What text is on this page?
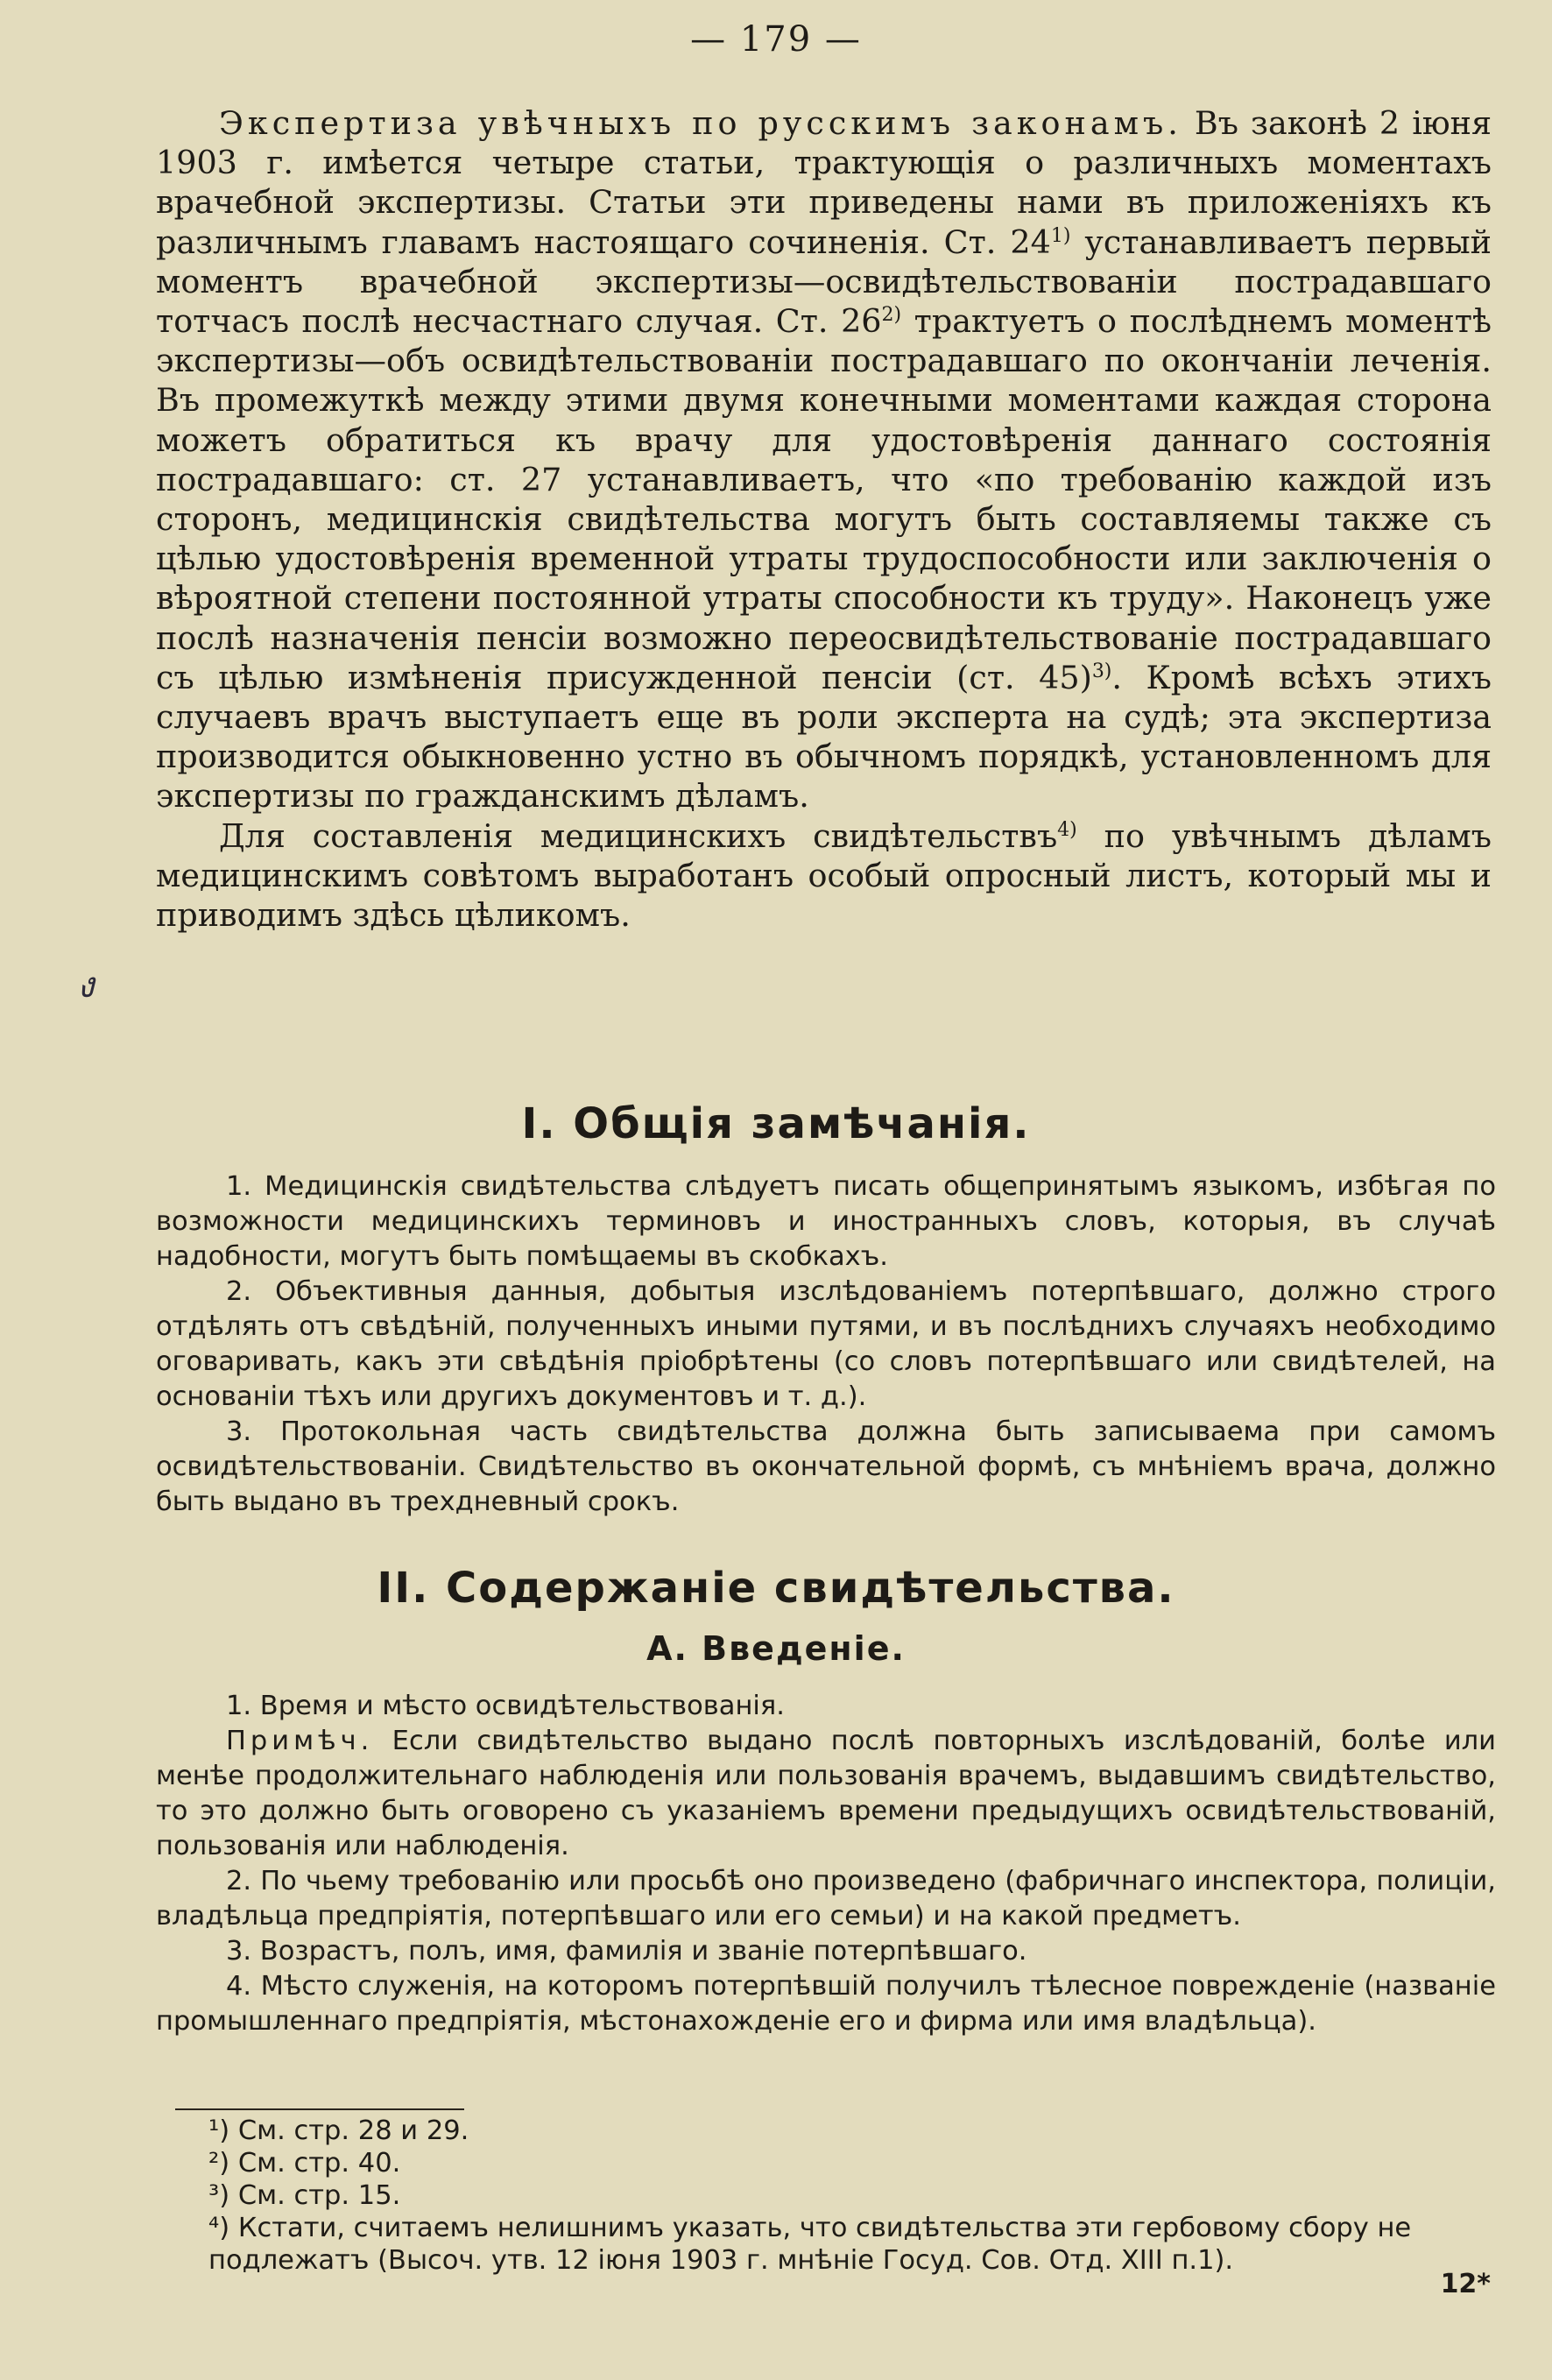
— 179 —
ง

Экспертиза увѣчныхъ по русскимъ законамъ. Въ законѣ 2 іюня 1903 г. имѣется четыре статьи, трактующія о различныхъ моментахъ врачебной экспертизы. Статьи эти приведены нами въ приложеніяхъ къ различнымъ главамъ настоящаго сочиненія. Ст. 24$^{1)}$ устанавливаетъ первый моментъ врачебной экспертизы—освидѣтельствованіи пострадавшаго тотчасъ послѣ несчастнаго случая. Ст. 26$^{2)}$ трактуетъ о послѣднемъ моментѣ экспертизы—объ освидѣтельствованіи пострадавшаго по окончаніи леченія. Въ промежуткѣ между этими двумя конечными моментами каждая сторона можетъ обратиться къ врачу для удостовѣренія даннаго состоянія пострадавшаго: ст. 27 устанавливаетъ, что «по требованію каждой изъ сторонъ, медицинскія свидѣтельства могутъ быть составляемы также съ цѣлью удостовѣренія временной утраты трудоспособности или заключенія о вѣроятной степени постоянной утраты способности къ труду». Наконецъ уже послѣ назначенія пенсіи возможно переосвидѣтельствованіе пострадавшаго съ цѣлью измѣненія присужденной пенсіи (ст. 45)$^{3)}$. Кромѣ всѣхъ этихъ случаевъ врачъ выступаетъ еще въ роли эксперта на судѣ; эта экспертиза производится обыкновенно устно въ обычномъ порядкѣ, установленномъ для экспертизы по гражданскимъ дѣламъ.

Для составленія медицинскихъ свидѣтельствъ$^{4)}$ по увѣчнымъ дѣламъ медицинскимъ совѣтомъ выработанъ особый опросный листъ, который мы и приводимъ здѣсь цѣликомъ.

I. Общія замѣчанія.

1. Медицинскія свидѣтельства слѣдуетъ писать общепринятымъ языкомъ, избѣгая по возможности медицинскихъ терминовъ и иностранныхъ словъ, которыя, въ случаѣ надобности, могутъ быть помѣщаемы въ скобкахъ.

2. Объективныя данныя, добытыя изслѣдованіемъ потерпѣвшаго, должно строго отдѣлять отъ свѣдѣній, полученныхъ иными путями, и въ послѣднихъ случаяхъ необходимо оговаривать, какъ эти свѣдѣнія пріобрѣтены (со словъ потерпѣвшаго или свидѣтелей, на основаніи тѣхъ или другихъ документовъ и т. д.).

3. Протокольная часть свидѣтельства должна быть записываема при самомъ освидѣтельствованіи. Свидѣтельство въ окончательной формѣ, съ мнѣніемъ врача, должно быть выдано въ трехдневный срокъ.

II. Содержаніе свидѣтельства.
А. Введеніе.

1. Время и мѣсто освидѣтельствованія.

Примѣч. Если свидѣтельство выдано послѣ повторныхъ изслѣдованій, болѣе или менѣе продолжительнаго наблюденія или пользованія врачемъ, выдавшимъ свидѣтельство, то это должно быть оговорено съ указаніемъ времени предыдущихъ освидѣтельствованій, пользованія или наблюденія.

2. По чьему требованію или просьбѣ оно произведено (фабричнаго инспектора, полиціи, владѣльца предпріятія, потерпѣвшаго или его семьи) и на какой предметъ.

3. Возрастъ, полъ, имя, фамилія и званіе потерпѣвшаго.

4. Мѣсто служенія, на которомъ потерпѣвшій получилъ тѣлесное поврежденіе (названіе промышленнаго предпріятія, мѣстонахожденіе его и фирма или имя владѣльца).

¹) См. стр. 28 и 29.

²) См. стр. 40.

³) См. стр. 15.

⁴) Кстати, считаемъ нелишнимъ указать, что свидѣтельства эти гербовому сбору не подлежатъ (Высоч. утв. 12 іюня 1903 г. мнѣніе Госуд. Сов. Отд. XIII п.1).

12*
